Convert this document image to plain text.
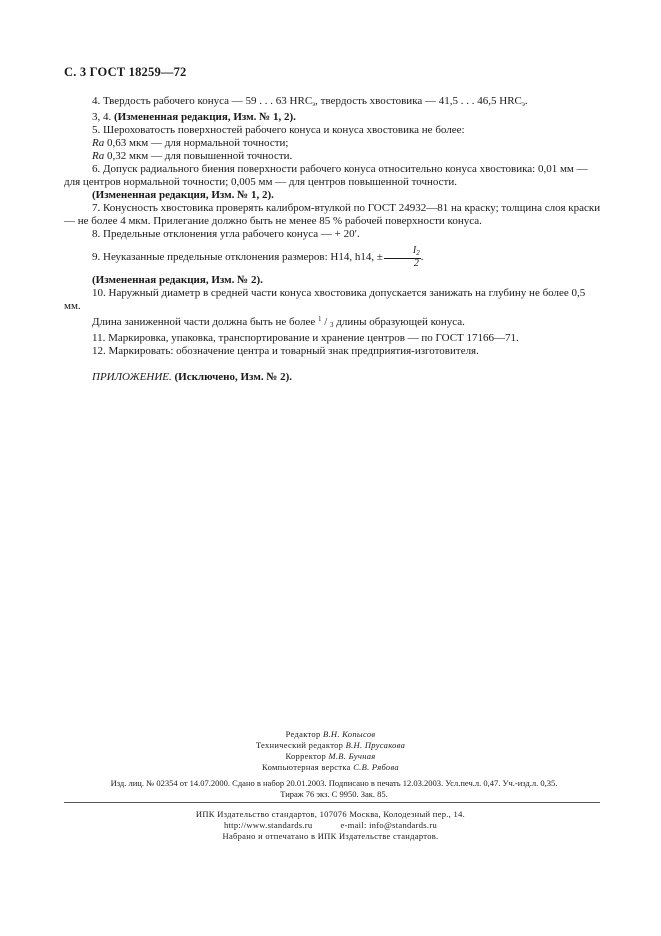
С. 3 ГОСТ 18259—72

4. Твердость рабочего конуса — 59 . . . 63 $HRC_э$, твердость хвостовика — 41,5 . . . 46,5 $HRC_э$.

3, 4. (Измененная редакция, Изм. № 1, 2).

5. Шероховатость поверхностей рабочего конуса и конуса хвостовика не более:

Ra 0,63 мкм — для нормальной точности;

Ra 0,32 мкм — для повышенной точности.

6. Допуск радиального биения поверхности рабочего конуса относительно конуса хвостовика: 0,01 мм — для центров нормальной точности; 0,005 мм — для центров повышенной точности.

(Измененная редакция, Изм. № 1, 2).

7. Конусность хвостовика проверять калибром-втулкой по ГОСТ 24932—81 на краску; толщина слоя краски — не более 4 мкм. Прилегание должно быть не менее 85 % рабочей поверхности конуса.

8. Предельные отклонения угла рабочего конуса — + 20′.

9. Неуказанные предельные отклонения размеров: H14, h14, ± $\frac{I_2}{2}$ .

(Измененная редакция, Изм. № 2).

10. Наружный диаметр в средней части конуса хвостовика допускается занижать на глубину не более 0,5 мм.

Длина заниженной части должна быть не более $^1$ / $_3$ длины образующей конуса.

11. Маркировка, упаковка, транспортирование и хранение центров — по ГОСТ 17166—71.

12. Маркировать: обозначение центра и товарный знак предприятия-изготовителя.

ПРИЛОЖЕНИЕ. (Исключено, Изм. № 2).

Редактор В.Н. Копысов
Технический редактор В.Н. Прусакова
Корректор М.В. Бучная
Компьютерная верстка С.В. Рябова
Изд. лиц. № 02354 от 14.07.2000. Сдано в набор 20.01.2003. Подписано в печать 12.03.2003. Усл.печ.л. 0,47. Уч.-изд.л. 0,35.
Тираж 76 экз. С 9950. Зак. 85.
ИПК Издательство стандартов, 107076 Москва, Колодезный пер., 14.
http://www.standards.ru	e-mail: info@standards.ru
Набрано и отпечатано в ИПК Издательстве стандартов.
